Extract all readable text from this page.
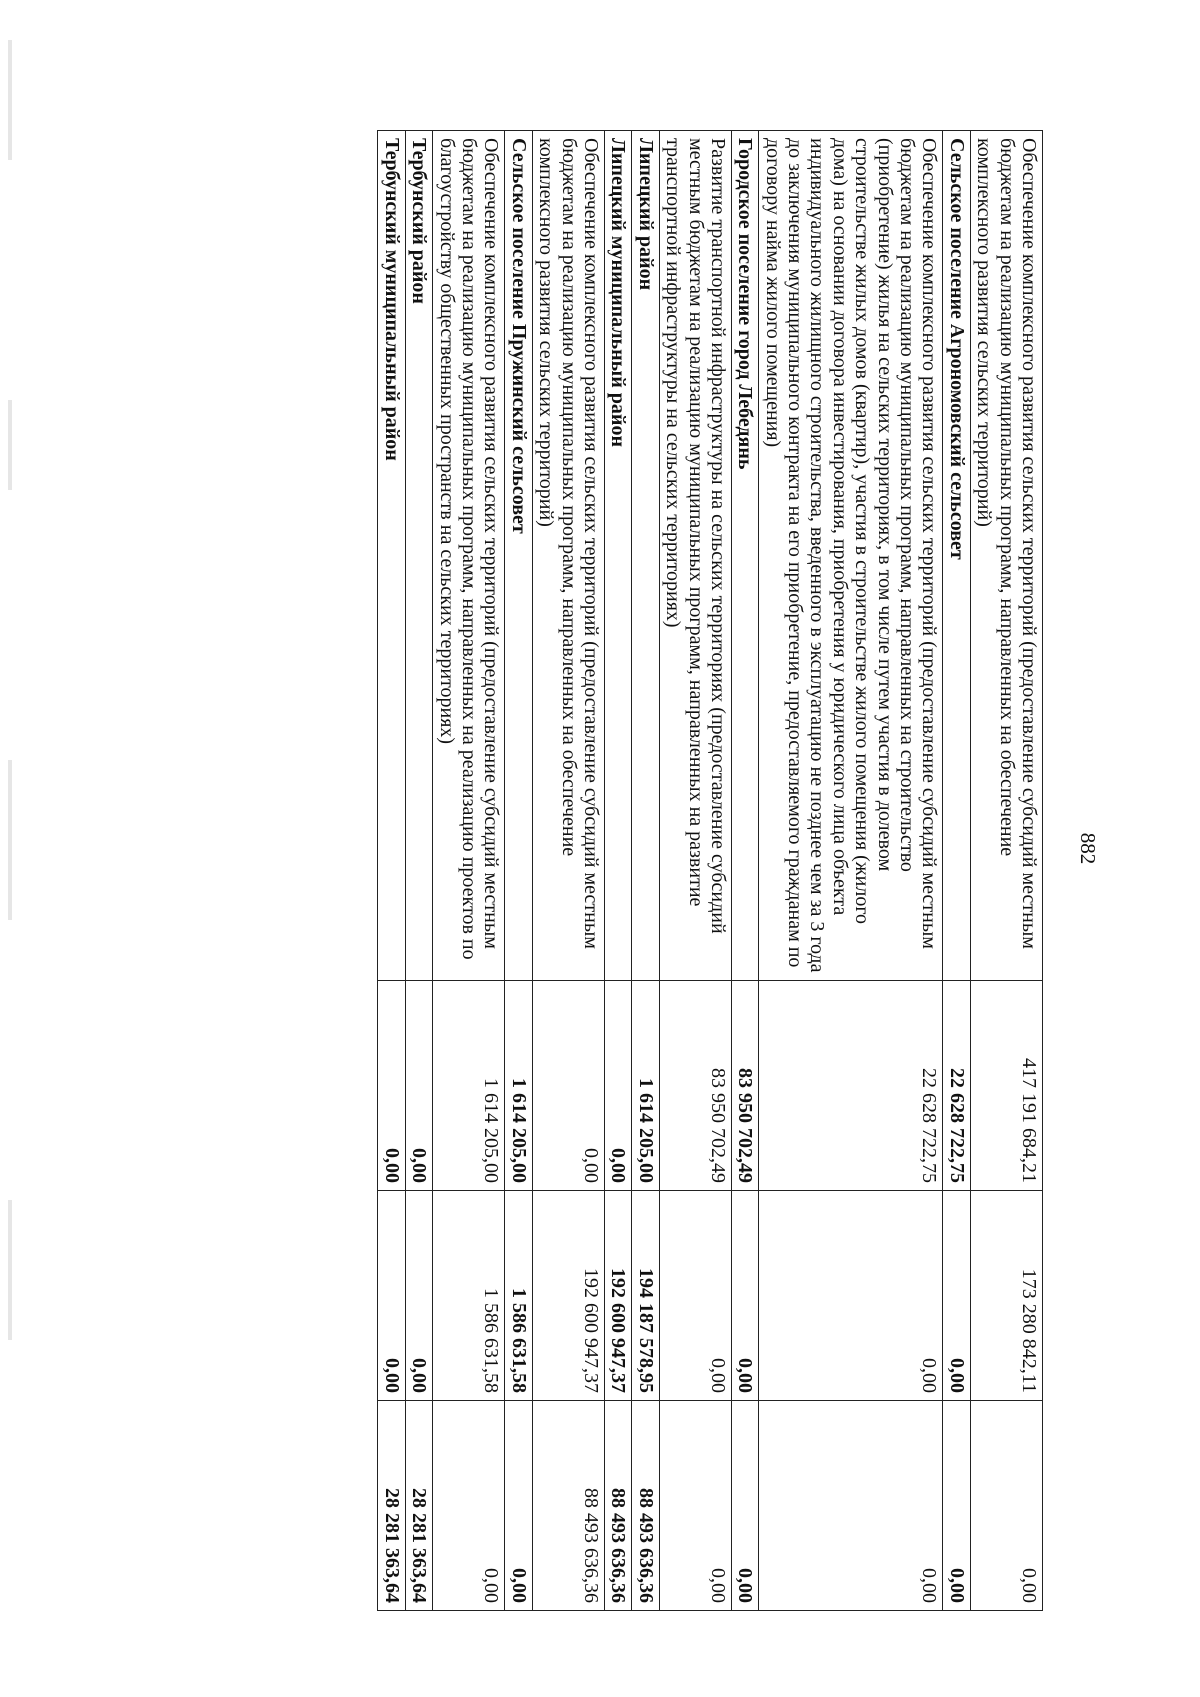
882
Обеспечение комплексного развития сельских территорий (предоставление субсидий местным бюджетам на реализацию муниципальных программ, направленных на обеспечение комплексного развития сельских территорий)	417 191 684,21	173 280 842,11	0,00
Сельское поселение Агрономовский сельсовет	22 628 722,75	0,00	0,00
Обеспечение комплексного развития сельских территорий (предоставление субсидий местным бюджетам на реализацию муниципальных программ, направленных на строительство (приобретение) жилья на сельских территориях, в том числе путем участия в долевом строительстве жилых домов (квартир), участия в строительстве жилого помещения (жилого дома) на основании договора инвестирования, приобретения у юридического лица объекта индивидуального жилищного строительства, введенного в эксплуатацию не позднее чем за 3 года до заключения муниципального контракта на его приобретение, предоставляемого гражданам по договору найма жилого помещения)	22 628 722,75	0,00	0,00
Городское поселение город Лебедянь	83 950 702,49	0,00	0,00
Развитие транспортной инфраструктуры на сельских территориях (предоставление субсидий местным бюджетам на реализацию муниципальных программ, направленных на развитие транспортной инфраструктуры на сельских территориях)	83 950 702,49	0,00	0,00
Липецкий район	1 614 205,00	194 187 578,95	88 493 636,36
Липецкий муниципальный район	0,00	192 600 947,37	88 493 636,36
Обеспечение комплексного развития сельских территорий (предоставление субсидий местным бюджетам на реализацию муниципальных программ, направленных на обеспечение комплексного развития сельских территорий)	0,00	192 600 947,37	88 493 636,36
Сельское поселение Пружинский сельсовет	1 614 205,00	1 586 631,58	0,00
Обеспечение комплексного развития сельских территорий (предоставление субсидий местным бюджетам на реализацию муниципальных программ, направленных на реализацию проектов по благоустройству общественных пространств на сельских территориях)	1 614 205,00	1 586 631,58	0,00
Тербунский район	0,00	0,00	28 281 363,64
Тербунский муниципальный район	0,00	0,00	28 281 363,64
